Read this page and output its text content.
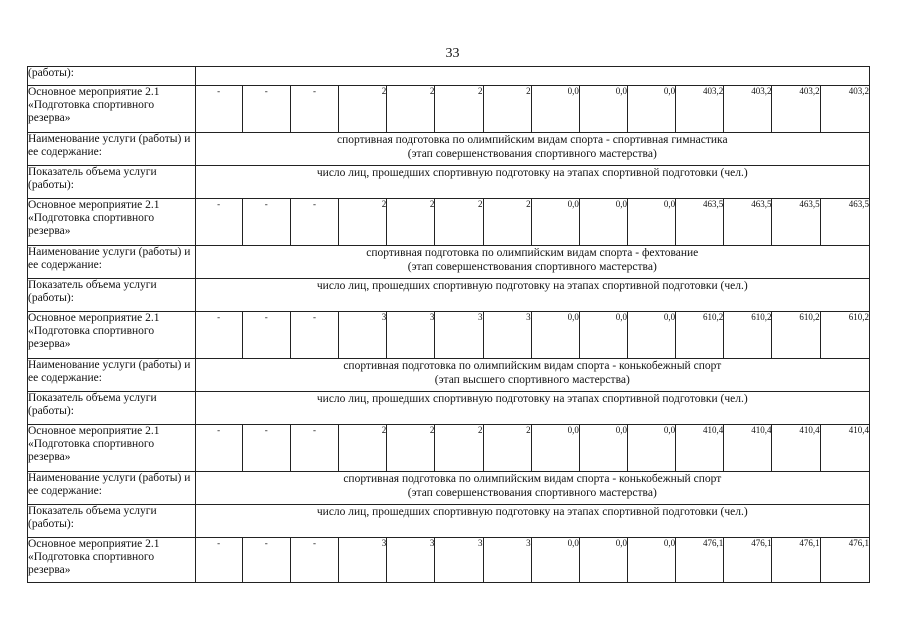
33
(работы):														
Основное мероприятие 2.1 «Подготовка спортивного резерва»	-	-	-	2	2	2	2	0,0	0,0	0,0	403,2	403,2	403,2	403,2
Наименование услуги (работы) и ее содержание:	спортивная подготовка по олимпийским видам спорта - спортивная гимнастика
(этап совершенствования спортивного мастерства)													

Показатель объема услуги (работы):	число лиц, прошедших спортивную подготовку на этапах спортивной подготовки (чел.)													
Основное мероприятие 2.1 «Подготовка спортивного резерва»	-	-	-	2	2	2	2	0,0	0,0	0,0	463,5	463,5	463,5	463,5
Наименование услуги (работы) и ее содержание:	спортивная подготовка по олимпийским видам спорта - фехтование
(этап совершенствования спортивного мастерства)													

Показатель объема услуги (работы):	число лиц, прошедших спортивную подготовку на этапах спортивной подготовки (чел.)													
Основное мероприятие 2.1 «Подготовка спортивного резерва»	-	-	-	3	3	3	3	0,0	0,0	0,0	610,2	610,2	610,2	610,2
Наименование услуги (работы) и ее содержание:	спортивная подготовка по олимпийским видам спорта - конькобежный спорт
(этап высшего спортивного мастерства)													

Показатель объема услуги (работы):	число лиц, прошедших спортивную подготовку на этапах спортивной подготовки (чел.)													
Основное мероприятие 2.1 «Подготовка спортивного резерва»	-	-	-	2	2	2	2	0,0	0,0	0,0	410,4	410,4	410,4	410,4
Наименование услуги (работы) и ее содержание:	спортивная подготовка по олимпийским видам спорта - конькобежный спорт
(этап совершенствования спортивного мастерства)													

Показатель объема услуги (работы):	число лиц, прошедших спортивную подготовку на этапах спортивной подготовки (чел.)													
Основное мероприятие 2.1 «Подготовка спортивного резерва»	-	-	-	3	3	3	3	0,0	0,0	0,0	476,1	476,1	476,1	476,1
